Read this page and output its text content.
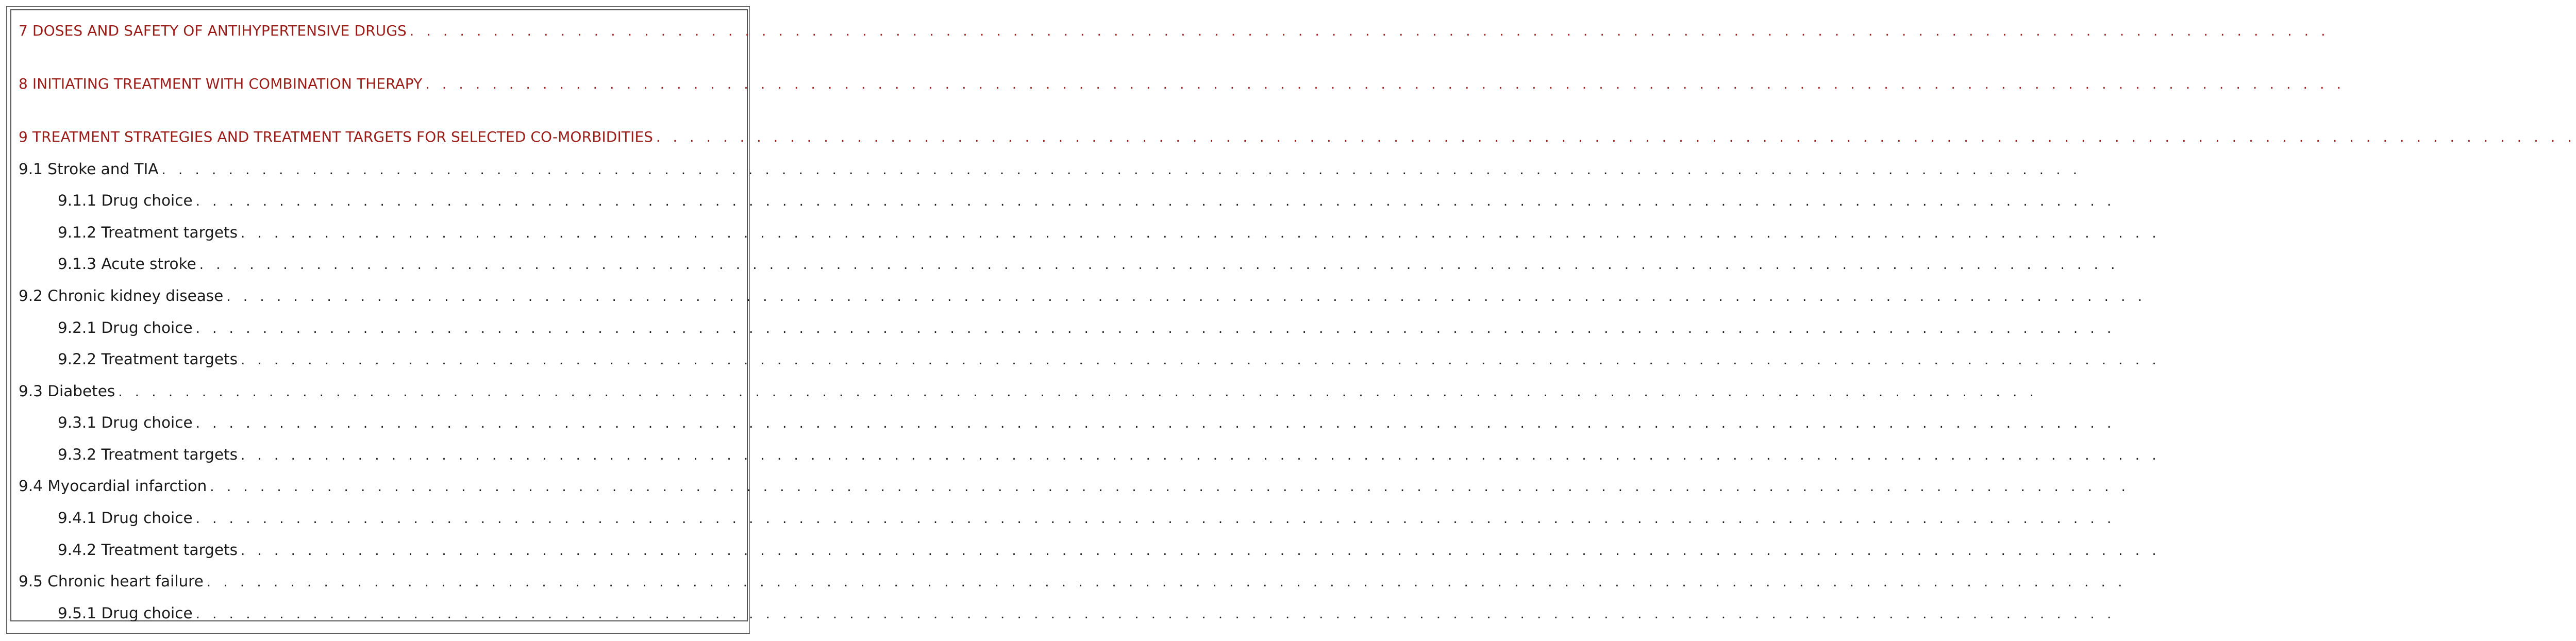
7 DOSES AND SAFETY OF ANTIHYPERTENSIVE DRUGS . . . . . . . . . . . . . . . . . . . . . . . . . . . . . . . . . . . . . . . . . . . . . . . . . . . . . . . . . . . . . . . . . . . . . . . . . . . . . . . . . . . . . . . . . . . . . . . . . . . . . . . . . . . . . . . . . . .
8 INITIATING TREATMENT WITH COMBINATION THERAPY . . . . . . . . . . . . . . . . . . . . . . . . . . . . . . . . . . . . . . . . . . . . . . . . . . . . . . . . . . . . . . . . . . . . . . . . . . . . . . . . . . . . . . . . . . . . . . . . . . . . . . . . . . . . . . . . . . .
9 TREATMENT STRATEGIES AND TREATMENT TARGETS FOR SELECTED CO-MORBIDITIES . . . . . . . . . . . . . . . . . . . . . . . . . . . . . . . . . . . . . . . . . . . . . . . . . . . . . . . . . . . . . . . . . . . . . . . . . . . . . . . . . . . . . . . . . . . . . . . . . . . . . . . . . . . . . . . . . . .
9.1 Stroke and TIA . . . . . . . . . . . . . . . . . . . . . . . . . . . . . . . . . . . . . . . . . . . . . . . . . . . . . . . . . . . . . . . . . . . . . . . . . . . . . . . . . . . . . . . . . . . . . . . . . . . . . . . . . . . . . . . . . . .
9.1.1 Drug choice . . . . . . . . . . . . . . . . . . . . . . . . . . . . . . . . . . . . . . . . . . . . . . . . . . . . . . . . . . . . . . . . . . . . . . . . . . . . . . . . . . . . . . . . . . . . . . . . . . . . . . . . . . . . . . . . . . .
9.1.2 Treatment targets . . . . . . . . . . . . . . . . . . . . . . . . . . . . . . . . . . . . . . . . . . . . . . . . . . . . . . . . . . . . . . . . . . . . . . . . . . . . . . . . . . . . . . . . . . . . . . . . . . . . . . . . . . . . . . . . . . .
9.1.3 Acute stroke . . . . . . . . . . . . . . . . . . . . . . . . . . . . . . . . . . . . . . . . . . . . . . . . . . . . . . . . . . . . . . . . . . . . . . . . . . . . . . . . . . . . . . . . . . . . . . . . . . . . . . . . . . . . . . . . . . .
9.2 Chronic kidney disease . . . . . . . . . . . . . . . . . . . . . . . . . . . . . . . . . . . . . . . . . . . . . . . . . . . . . . . . . . . . . . . . . . . . . . . . . . . . . . . . . . . . . . . . . . . . . . . . . . . . . . . . . . . . . . . . . . .
9.2.1 Drug choice . . . . . . . . . . . . . . . . . . . . . . . . . . . . . . . . . . . . . . . . . . . . . . . . . . . . . . . . . . . . . . . . . . . . . . . . . . . . . . . . . . . . . . . . . . . . . . . . . . . . . . . . . . . . . . . . . . .
9.2.2 Treatment targets . . . . . . . . . . . . . . . . . . . . . . . . . . . . . . . . . . . . . . . . . . . . . . . . . . . . . . . . . . . . . . . . . . . . . . . . . . . . . . . . . . . . . . . . . . . . . . . . . . . . . . . . . . . . . . . . . . .
9.3 Diabetes . . . . . . . . . . . . . . . . . . . . . . . . . . . . . . . . . . . . . . . . . . . . . . . . . . . . . . . . . . . . . . . . . . . . . . . . . . . . . . . . . . . . . . . . . . . . . . . . . . . . . . . . . . . . . . . . . . .
9.3.1 Drug choice . . . . . . . . . . . . . . . . . . . . . . . . . . . . . . . . . . . . . . . . . . . . . . . . . . . . . . . . . . . . . . . . . . . . . . . . . . . . . . . . . . . . . . . . . . . . . . . . . . . . . . . . . . . . . . . . . . .
9.3.2 Treatment targets . . . . . . . . . . . . . . . . . . . . . . . . . . . . . . . . . . . . . . . . . . . . . . . . . . . . . . . . . . . . . . . . . . . . . . . . . . . . . . . . . . . . . . . . . . . . . . . . . . . . . . . . . . . . . . . . . . .
9.4 Myocardial infarction . . . . . . . . . . . . . . . . . . . . . . . . . . . . . . . . . . . . . . . . . . . . . . . . . . . . . . . . . . . . . . . . . . . . . . . . . . . . . . . . . . . . . . . . . . . . . . . . . . . . . . . . . . . . . . . . . . .
9.4.1 Drug choice . . . . . . . . . . . . . . . . . . . . . . . . . . . . . . . . . . . . . . . . . . . . . . . . . . . . . . . . . . . . . . . . . . . . . . . . . . . . . . . . . . . . . . . . . . . . . . . . . . . . . . . . . . . . . . . . . . .
9.4.2 Treatment targets . . . . . . . . . . . . . . . . . . . . . . . . . . . . . . . . . . . . . . . . . . . . . . . . . . . . . . . . . . . . . . . . . . . . . . . . . . . . . . . . . . . . . . . . . . . . . . . . . . . . . . . . . . . . . . . . . . .
9.5 Chronic heart failure . . . . . . . . . . . . . . . . . . . . . . . . . . . . . . . . . . . . . . . . . . . . . . . . . . . . . . . . . . . . . . . . . . . . . . . . . . . . . . . . . . . . . . . . . . . . . . . . . . . . . . . . . . . . . . . . . . .
9.5.1 Drug choice . . . . . . . . . . . . . . . . . . . . . . . . . . . . . . . . . . . . . . . . . . . . . . . . . . . . . . . . . . . . . . . . . . . . . . . . . . . . . . . . . . . . . . . . . . . . . . . . . . . . . . . . . . . . . . . . . . .
